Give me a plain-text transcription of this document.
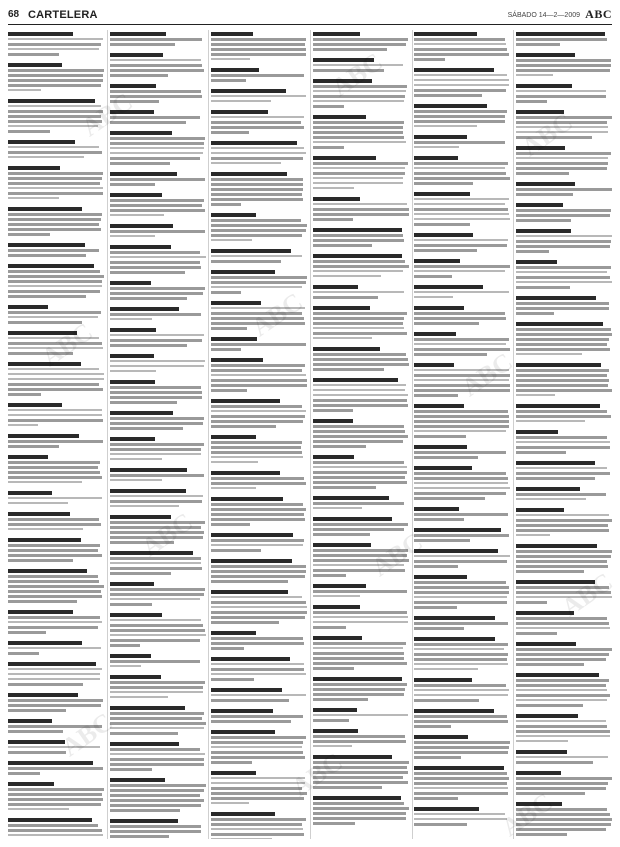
68 CARTELERA	SÁBADO 14—2—2009 ABC
ABC
ABC
ABC
ABC
ABC
ABC
ABC
ABC
